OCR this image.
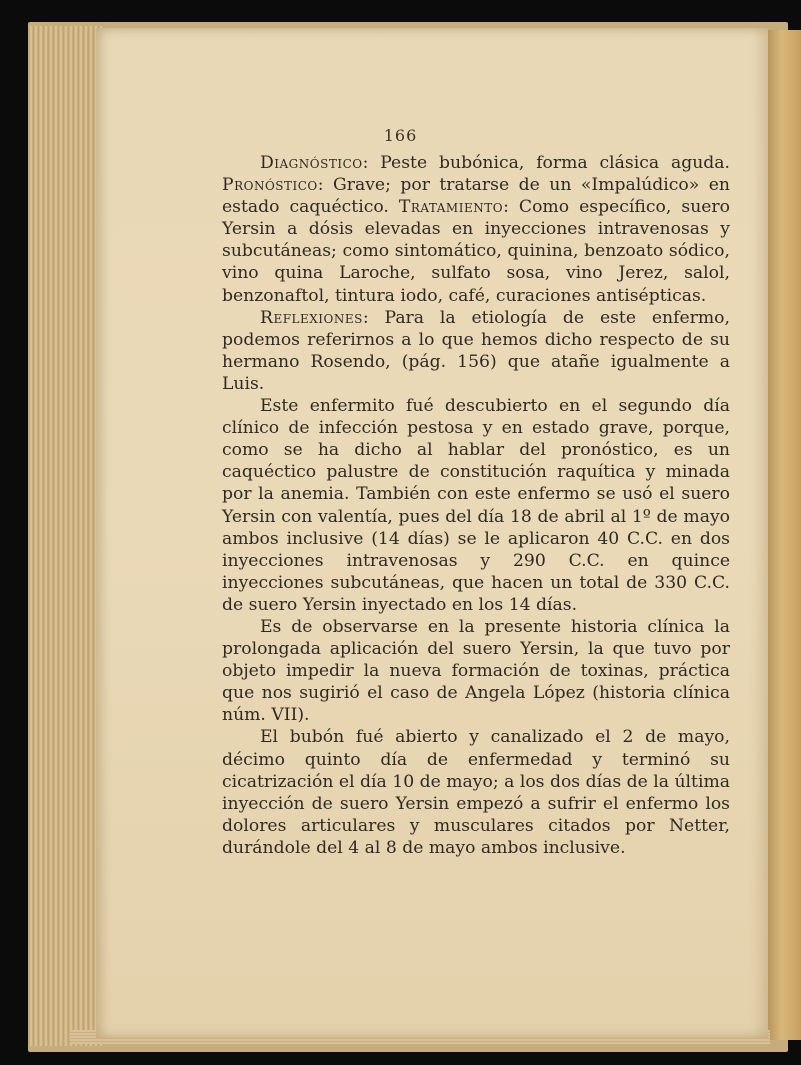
166

Diagnóstico: Peste bubónica, forma clásica aguda. Pronóstico: Grave; por tratarse de un «Impalúdico» en estado caquéctico. Tratamiento: Como específico, suero Yersin a dósis elevadas en inyecciones intravenosas y subcutáneas; como sintomático, quinina, benzoato sódico, vino quina Laroche, sulfato sosa, vino Jerez, salol, benzonaftol, tintura iodo, café, curaciones antisépticas.

Reflexiones: Para la etiología de este enfermo, podemos referirnos a lo que hemos dicho respecto de su hermano Rosendo, (pág. 156) que atañe igualmente a Luis.

Este enfermito fué descubierto en el segundo día clínico de infección pestosa y en estado grave, porque, como se ha dicho al hablar del pronóstico, es un caquéctico palustre de constitución raquítica y minada por la anemia. También con este enfermo se usó el suero Yersin con valentía, pues del día 18 de abril al 1º de mayo ambos inclusive (14 días) se le aplicaron 40 C.C. en dos inyecciones intravenosas y 290 C.C. en quince inyecciones subcutáneas, que hacen un total de 330 C.C. de suero Yersin inyectado en los 14 días.

Es de observarse en la presente historia clínica la prolongada aplicación del suero Yersin, la que tuvo por objeto impedir la nueva formación de toxinas, práctica que nos sugirió el caso de Angela López (historia clínica núm. VII).

El bubón fué abierto y canalizado el 2 de mayo, décimo quinto día de enfermedad y terminó su cicatrización el día 10 de mayo; a los dos días de la última inyección de suero Yersin empezó a sufrir el enfermo los dolores articulares y musculares citados por Netter, durándole del 4 al 8 de mayo ambos inclusive.
